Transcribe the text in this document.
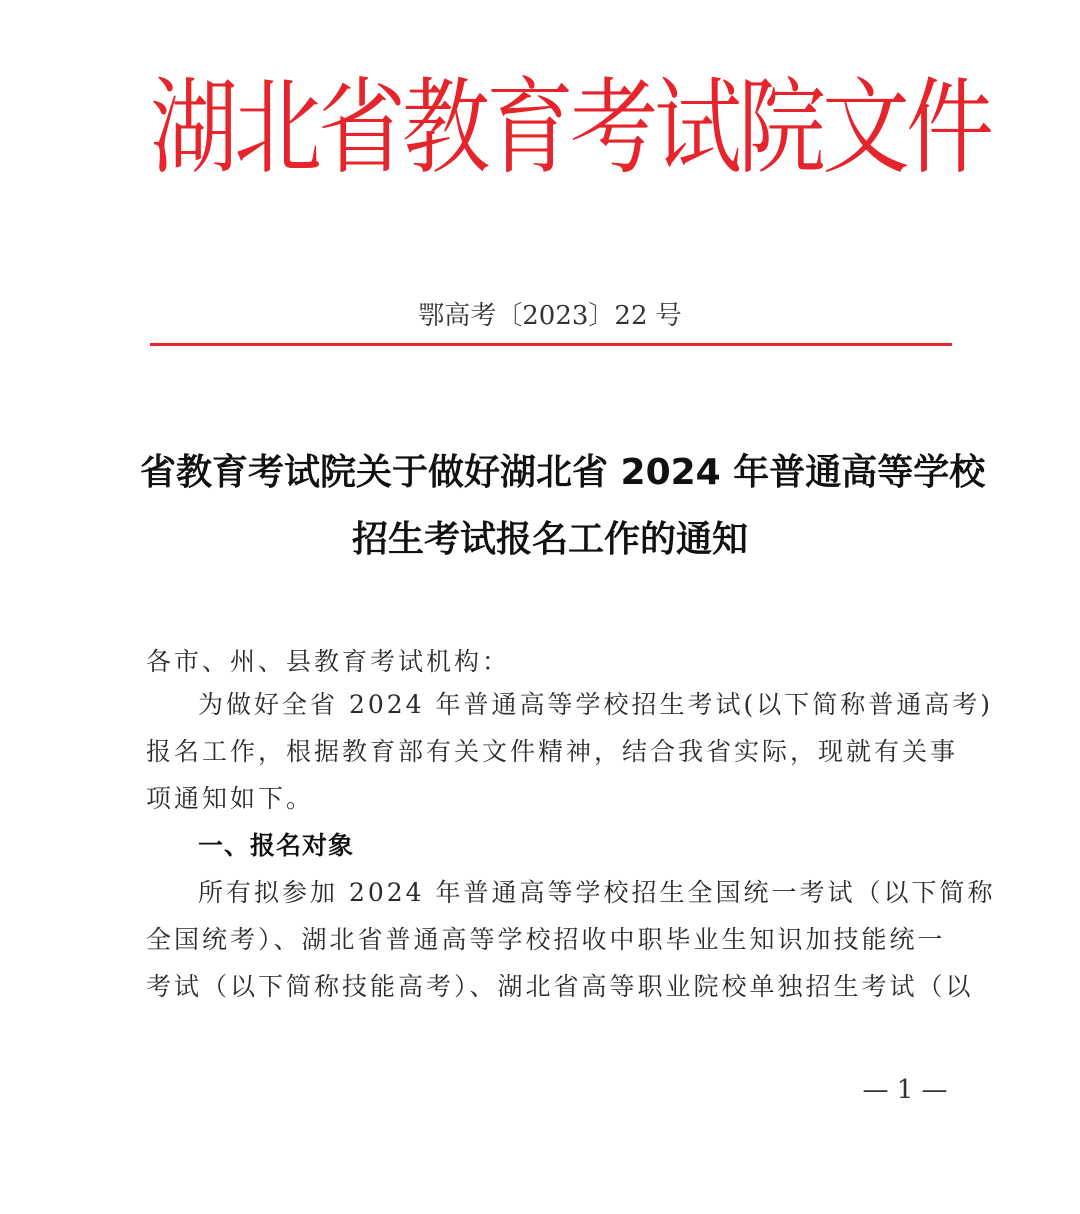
湖北省教育考试院文件
鄂高考〔2023〕22 号
省教育考试院关于做好湖北省 2024 年普通高等学校
招生考试报名工作的通知
各市、州、县教育考试机构：
为做好全省 2024 年普通高等学校招生考试(以下简称普通高考)
报名工作，根据教育部有关文件精神，结合我省实际，现就有关事
项通知如下。
一、报名对象
所有拟参加 2024 年普通高等学校招生全国统一考试（以下简称
全国统考）、湖北省普通高等学校招收中职毕业生知识加技能统一
考试（以下简称技能高考）、湖北省高等职业院校单独招生考试（以
— 1 —
